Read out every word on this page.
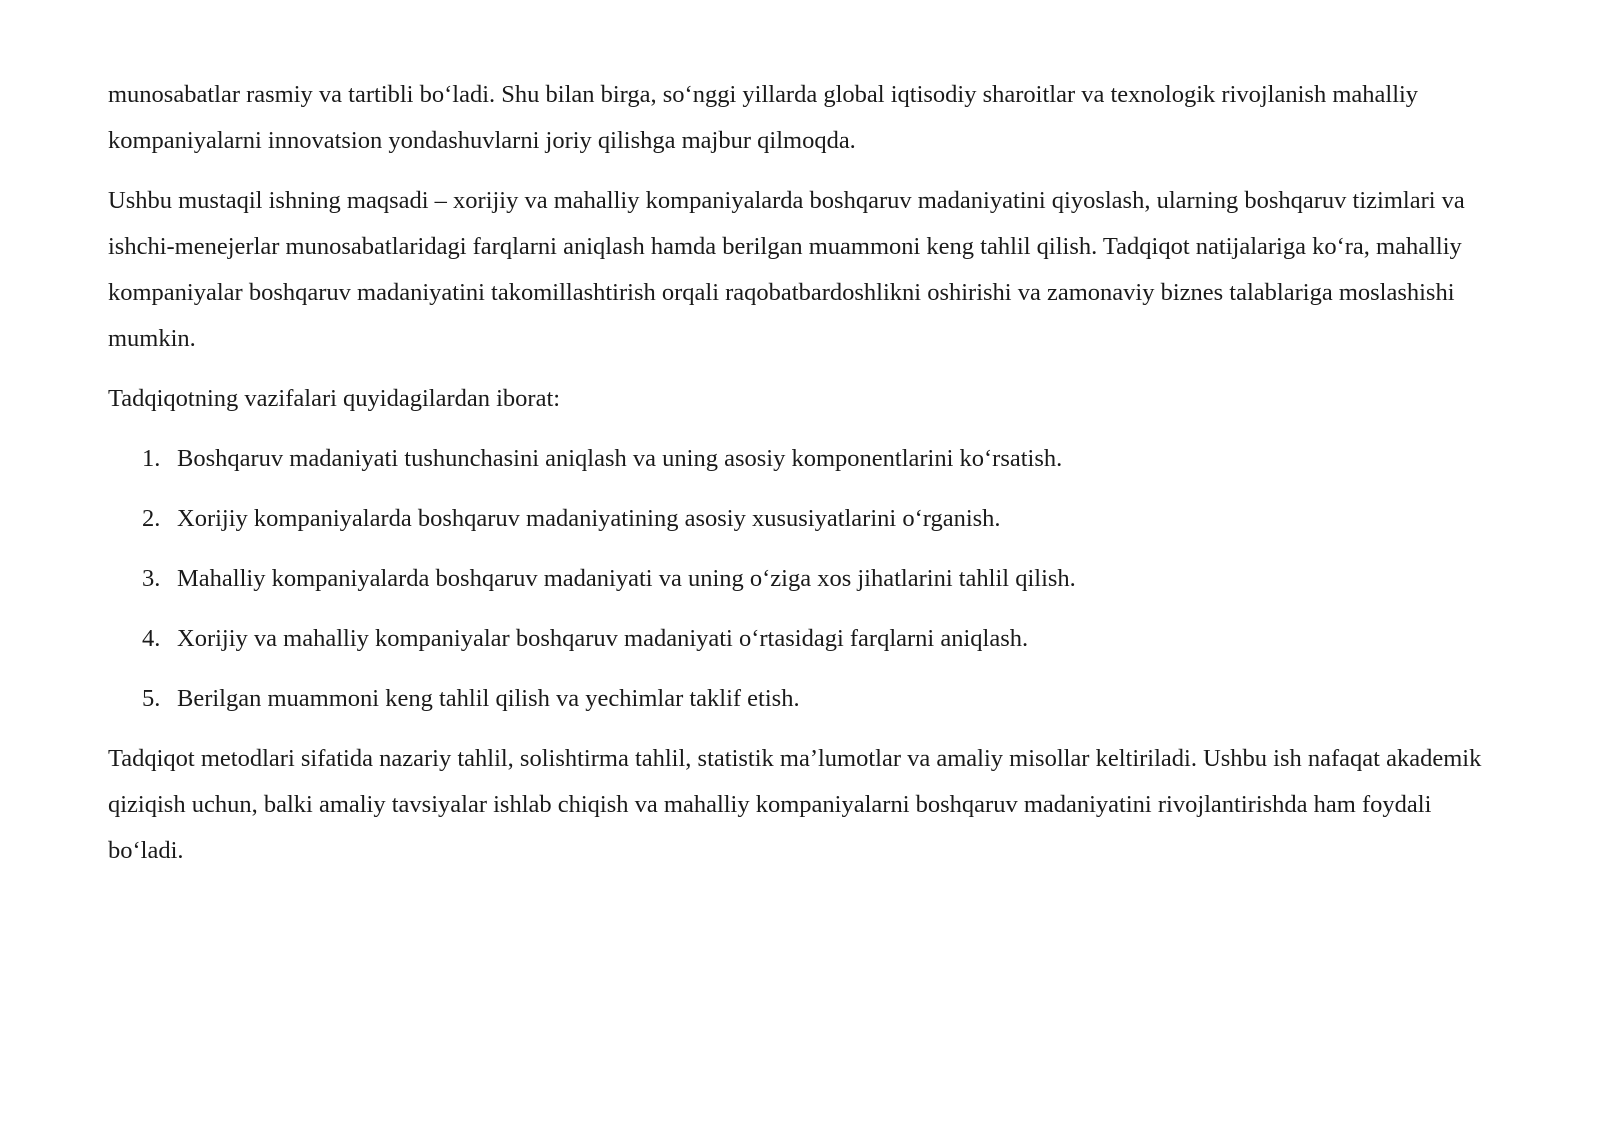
munosabatlar rasmiy va tartibli bo‘ladi. Shu bilan birga, so‘nggi yillarda global iqtisodiy sharoitlar va texnologik rivojlanish mahalliy kompaniyalarni innovatsion yondashuvlarni joriy qilishga majbur qilmoqda.

Ushbu mustaqil ishning maqsadi – xorijiy va mahalliy kompaniyalarda boshqaruv madaniyatini qiyoslash, ularning boshqaruv tizimlari va ishchi-menejerlar munosabatlaridagi farqlarni aniqlash hamda berilgan muammoni keng tahlil qilish. Tadqiqot natijalariga ko‘ra, mahalliy kompaniyalar boshqaruv madaniyatini takomillashtirish orqali raqobatbardoshlikni oshirishi va zamonaviy biznes talablariga moslashishi mumkin.

Tadqiqotning vazifalari quyidagilardan iborat:

1. Boshqaruv madaniyati tushunchasini aniqlash va uning asosiy komponentlarini ko‘rsatish.
2. Xorijiy kompaniyalarda boshqaruv madaniyatining asosiy xususiyatlarini o‘rganish.
3. Mahalliy kompaniyalarda boshqaruv madaniyati va uning o‘ziga xos jihatlarini tahlil qilish.
4. Xorijiy va mahalliy kompaniyalar boshqaruv madaniyati o‘rtasidagi farqlarni aniqlash.
5. Berilgan muammoni keng tahlil qilish va yechimlar taklif etish.

Tadqiqot metodlari sifatida nazariy tahlil, solishtirma tahlil, statistik ma’lumotlar va amaliy misollar keltiriladi. Ushbu ish nafaqat akademik qiziqish uchun, balki amaliy tavsiyalar ishlab chiqish va mahalliy kompaniyalarni boshqaruv madaniyatini rivojlantirishda ham foydali bo‘ladi.
